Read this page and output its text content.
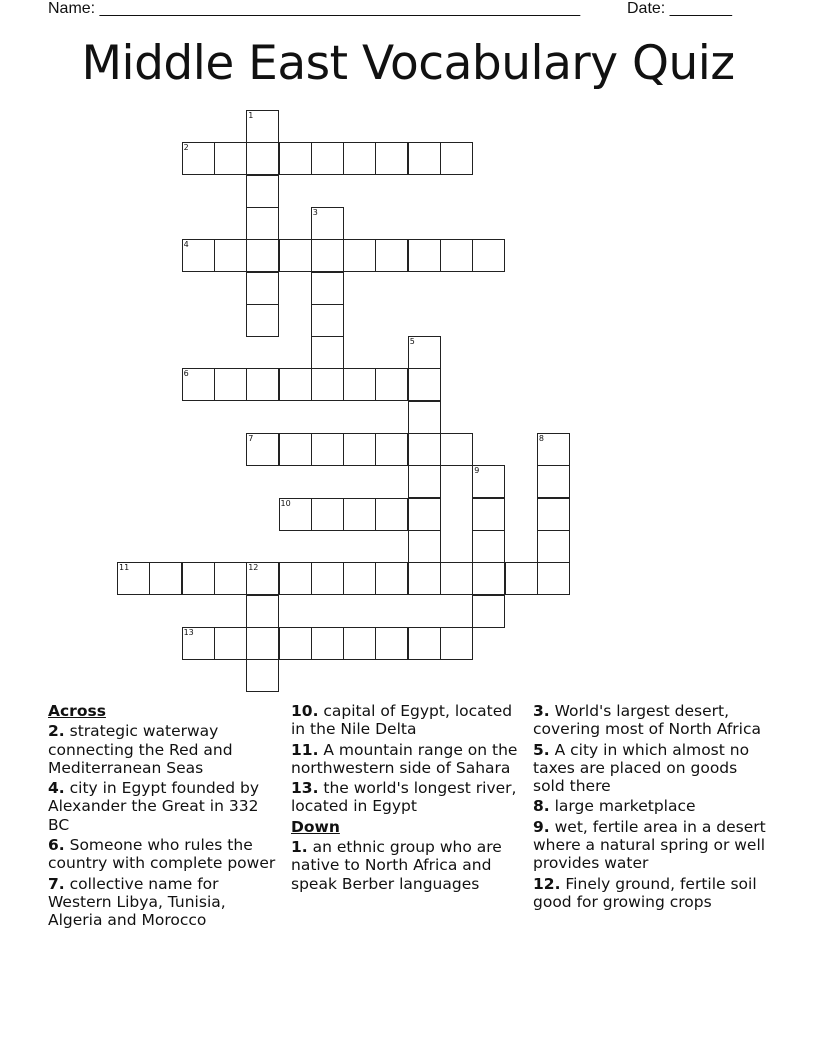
Name: ______________________________________________________	Date: _______
Middle East Vocabulary Quiz
1
2
3
4
5
6
7	8
9
10
11	12
13
Across
2. strategic waterway connecting the Red and Mediterranean Seas
4. city in Egypt founded by Alexander the Great in 332 BC
6. Someone who rules the country with complete power
7. collective name for Western Libya, Tunisia, Algeria and Morocco
10. capital of Egypt, located in the Nile Delta
11. A mountain range on the northwestern side of Sahara
13. the world's longest river, located in Egypt
Down
1. an ethnic group who are native to North Africa and speak Berber languages
3. World's largest desert, covering most of North Africa
5. A city in which almost no taxes are placed on goods sold there
8. large marketplace
9. wet, fertile area in a desert where a natural spring or well provides water
12. Finely ground, fertile soil good for growing crops
